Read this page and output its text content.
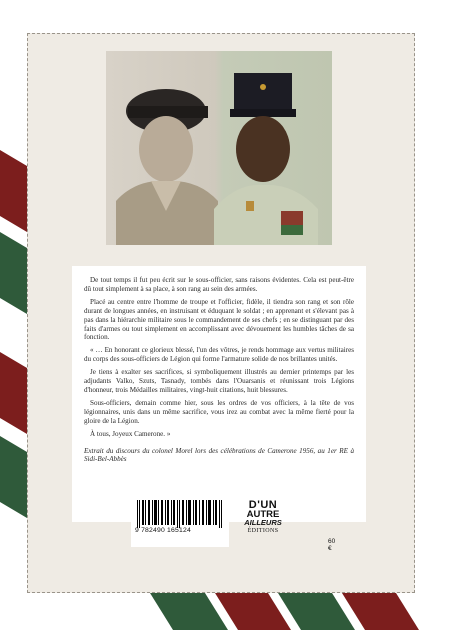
De tout temps il fut peu écrit sur le sous-officier, sans raisons évidentes. Cela est peut-être dû tout simplement à sa place, à son rang au sein des armées.

Placé au centre entre l'homme de troupe et l'officier, fidèle, il tiendra son rang et son rôle durant de longues années, en instruisant et éduquant le soldat ; en apprenant et s'élevant pas à pas dans la hiérarchie militaire sous le commandement de ses chefs ; en se distinguant par des faits d'armes ou tout simplement en accomplissant avec dévouement les humbles tâches de sa fonction.

« … En honorant ce glorieux blessé, l'un des vôtres, je rends hommage aux vertus militaires du corps des sous-officiers de Légion qui forme l'armature solide de nos brillantes unités.

Je tiens à exalter ses sacrifices, si symboliquement illustrés au dernier printemps par les adjudants Valko, Szuts, Tasnady, tombés dans l'Ouarsanis et réunissant trois Légions d'honneur, trois Médailles militaires, vingt-huit citations, huit blessures.

Sous-officiers, demain comme hier, sous les ordres de vos officiers, à la tête de vos légionnaires, unis dans un même sacrifice, vous irez au combat avec la même fierté pour la gloire de la Légion.

À tous, Joyeux Camerone. »

Extrait du discours du colonel Morel lors des célébrations de Camerone 1956, au 1er RE à Sidi-Bel-Abbès

9 782490 165124
60 €
D'UN
AUTRE
AILLEURS
ÉDITIONS
